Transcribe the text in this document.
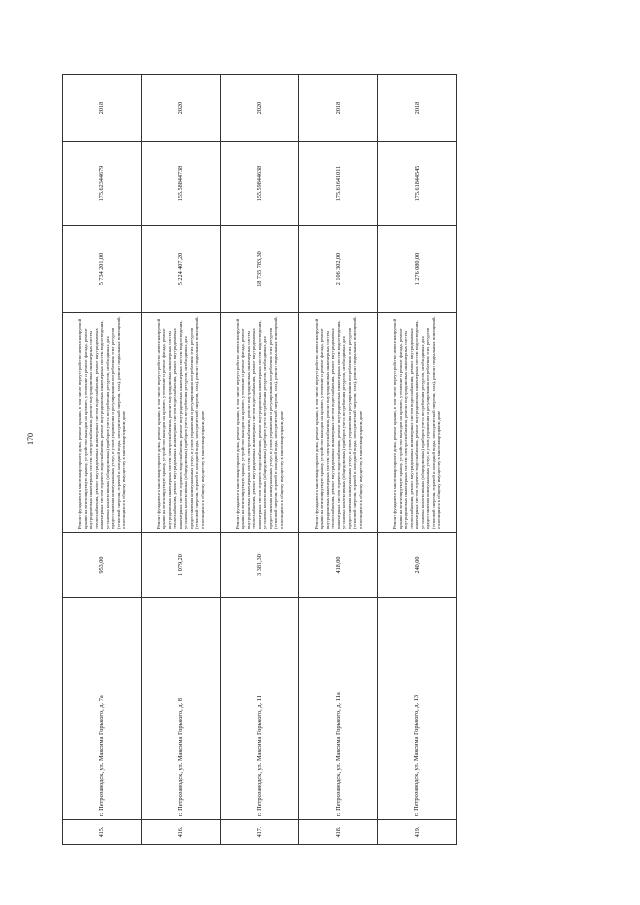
170
415.	г. Петрозаводск, ул. Максима Горького, д. 7а	953,00	Ремонт фундамента многоквартирного дома, ремонт крыши, в том числе переустройство невентилируемой крыши на вентилируемую крышу, устройство выходов на кровлю, утепление и ремонт фасада, ремонт внутридомовых инженерных систем электроснабжения, ремонт внутридомовых инженерных систем теплоснабжения, ремонт внутридомовых инженерных систем водоснабжения, ремонт внутридомовых инженерных систем горячего водоснабжения, ремонт внутридомовых инженерных систем водоотведения, установка коллективных (общедомовых) приборов учета потребления ресурсов, необходимых для предоставления коммунальных услуг, и узлов управления и регулирования потребления этих ресурсов (тепловой энергии, горячей и холодной воды, электрической энергии, газа), ремонт подвальных помещений, относящихся к общему имуществу в многоквартирном доме	5 734 201,00	175.62344679	2018
416.	г. Петрозаводск, ул. Максима Горького, д. 8	1 079,20	Ремонт фундамента многоквартирного дома, ремонт крыши, в том числе переустройство невентилируемой крыши на вентилируемую крышу, устройство выходов на кровлю, утепление и ремонт фасада, ремонт внутридомовых инженерных систем электроснабжения, ремонт внутридомовых инженерных систем теплоснабжения, ремонт внутридомовых инженерных систем водоснабжения, ремонт внутридомовых инженерных систем горячего водоснабжения, ремонт внутридомовых инженерных систем водоотведения, установка коллективных (общедомовых) приборов учета потребления ресурсов, необходимых для предоставления коммунальных услуг, и узлов управления и регулирования потребления этих ресурсов (тепловой энергии, горячей и холодной воды, электрической энергии, газа), ремонт подвальных помещений, относящихся к общему имуществу в многоквартирном доме	5 224 407,20	155.58844738	2020
417.	г. Петрозаводск, ул. Максима Горького, д. 11	3 381,30	Ремонт фундамента многоквартирного дома, ремонт крыши, в том числе переустройство невентилируемой крыши на вентилируемую крышу, устройство выходов на кровлю, утепление и ремонт фасада, ремонт внутридомовых инженерных систем электроснабжения, ремонт внутридомовых инженерных систем теплоснабжения, ремонт внутридомовых инженерных систем водоснабжения, ремонт внутридомовых инженерных систем горячего водоснабжения, ремонт внутридомовых инженерных систем водоотведения, установка коллективных (общедомовых) приборов учета потребления ресурсов, необходимых для предоставления коммунальных услуг, и узлов управления и регулирования потребления этих ресурсов (тепловой энергии, горячей и холодной воды, электрической энергии, газа), ремонт подвальных помещений, относящихся к общему имуществу в многоквартирном доме	18 735 783,30	155.59844638	2020
418.	г. Петрозаводск, ул. Максима Горького, д. 11а	418,00	Ремонт фундамента многоквартирного дома, ремонт крыши, в том числе переустройство невентилируемой крыши на вентилируемую крышу, устройство выходов на кровлю, утепление и ремонт фасада, ремонт внутридомовых инженерных систем электроснабжения, ремонт внутридомовых инженерных систем теплоснабжения, ремонт внутридомовых инженерных систем водоснабжения, ремонт внутридомовых инженерных систем горячего водоснабжения, ремонт внутридомовых инженерных систем водоотведения, установка коллективных (общедомовых) приборов учета потребления ресурсов, необходимых для предоставления коммунальных услуг, и узлов управления и регулирования потребления этих ресурсов (тепловой энергии, горячей и холодной воды, электрической энергии, газа), ремонт подвальных помещений, относящихся к общему имуществу в многоквартирном доме	2 106 302,00	175.61641011	2018
419.	г. Петрозаводск, ул. Максима Горького, д. 13	240,00	Ремонт фундамента многоквартирного дома, ремонт крыши, в том числе переустройство невентилируемой крыши на вентилируемую крышу, устройство выходов на кровлю, утепление и ремонт фасада, ремонт внутридомовых инженерных систем электроснабжения, ремонт внутридомовых инженерных систем теплоснабжения, ремонт внутридомовых инженерных систем водоснабжения, ремонт внутридомовых инженерных систем горячего водоснабжения, ремонт внутридомовых инженерных систем водоотведения, установка коллективных (общедомовых) приборов учета потребления ресурсов, необходимых для предоставления коммунальных услуг, и узлов управления и регулирования потребления этих ресурсов (тепловой энергии, горячей и холодной воды, электрической энергии, газа), ремонт подвальных помещений, относящихся к общему имуществу в многоквартирном доме	1 276 080,00	175.61844545	2018
